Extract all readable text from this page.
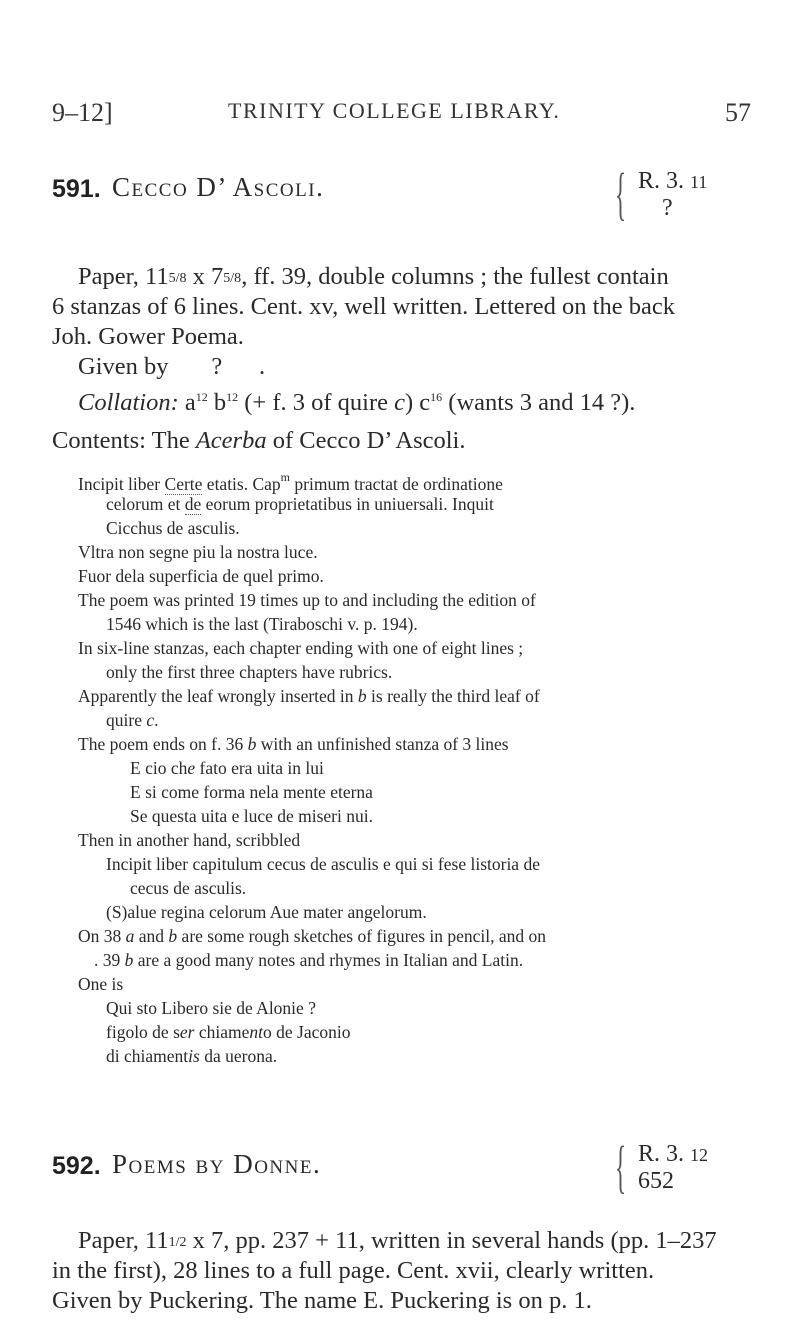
9–12]	TRINITY COLLEGE LIBRARY.	57
591. Cecco D’ Ascoli.	{ R. 3. 11
?
Paper, 115/8 x 75/8, ff. 39, double columns ; the fullest contain
6 stanzas of 6 lines. Cent. xv, well written. Lettered on the back
Joh. Gower Poema.
Given by       ?      .
Collation: $a^{12}$ $b^{12}$ (+ f. 3 of quire c) $c^{16}$ (wants 3 and 14 ?).
Contents: The Acerba of Cecco D’ Ascoli.
Incipit liber Certe etatis. Cap$^m$ primum tractat de ordinatione
celorum et de eorum proprietatibus in uniuersali. Inquit
Cicchus de asculis.
Vltra non segne piu la nostra luce.
Fuor dela superficia de quel primo.
The poem was printed 19 times up to and including the edition of
1546 which is the last (Tiraboschi v. p. 194).
In six-line stanzas, each chapter ending with one of eight lines ;
only the first three chapters have rubrics.
Apparently the leaf wrongly inserted in b is really the third leaf of
quire c.
The poem ends on f. 36 b with an unfinished stanza of 3 lines
E cio che fato era uita in lui
E si come forma nela mente eterna
Se questa uita e luce de miseri nui.
Then in another hand, scribbled
Incipit liber capitulum cecus de asculis e qui si fese listoria de
cecus de asculis.
(S)alue regina celorum Aue mater angelorum.
On 38 a and b are some rough sketches of figures in pencil, and on
. 39 b are a good many notes and rhymes in Italian and Latin.
One is
Qui sto Libero sie de Alonie ?
figolo de ser chiamento de Jaconio
di chiamentis da uerona.
592. Poems by Donne.	{ R. 3. 12
652
Paper, 111/2 x 7, pp. 237 + 11, written in several hands (pp. 1–237
in the first), 28 lines to a full page. Cent. xvii, clearly written.
Given by Puckering. The name E. Puckering is on p. 1.
